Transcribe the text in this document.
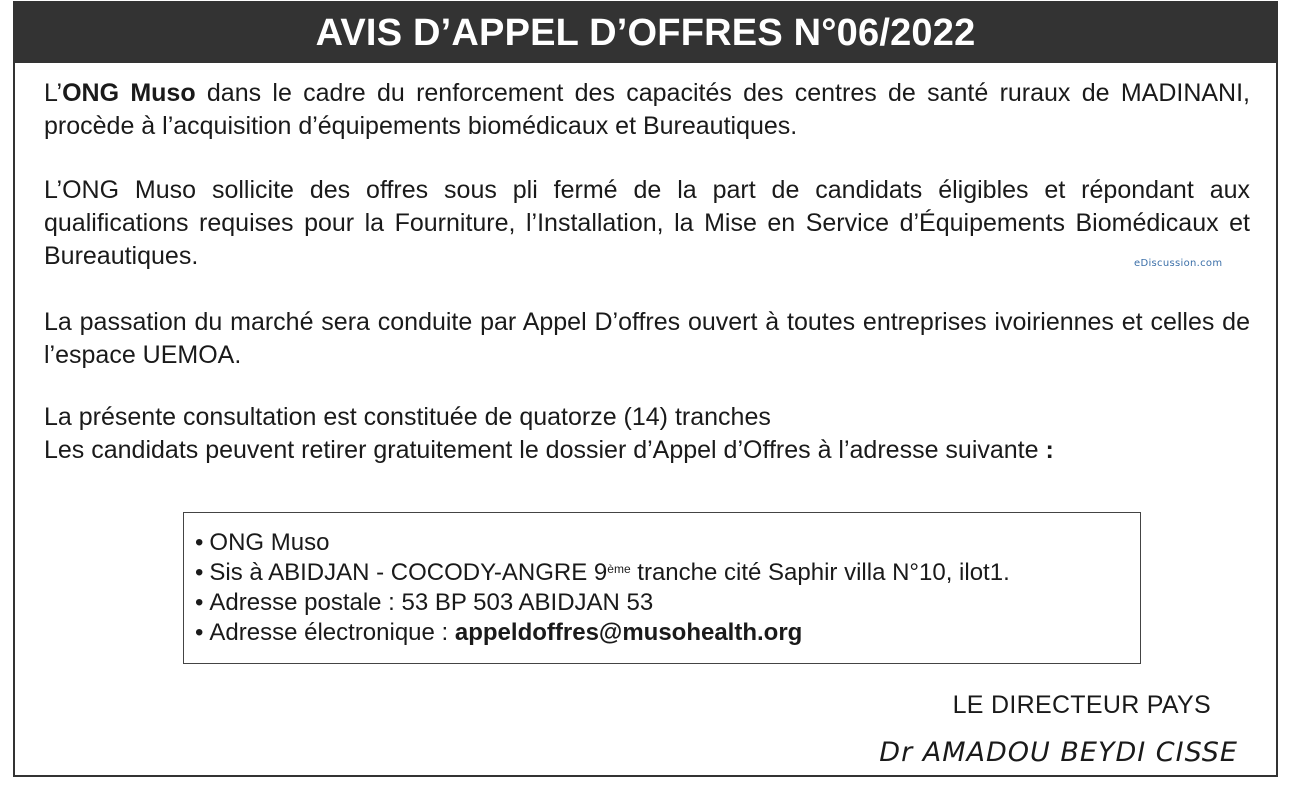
AVIS D’APPEL D’OFFRES N°06/2022
L’ONG Muso dans le cadre du renforcement des capacités des centres de santé ruraux de MADINANI, procède à l’acquisition d’équipements biomédicaux et Bureautiques.
L’ONG Muso sollicite des offres sous pli fermé de la part de candidats éligibles et répondant aux qualifications requises pour la Fourniture, l’Installation, la Mise en Service d’Équipements Biomédicaux et Bureautiques.
La passation du marché sera conduite par Appel D’offres ouvert à toutes entreprises ivoiriennes et celles de l’espace UEMOA.
La présente consultation est constituée de quatorze (14) tranches
Les candidats peuvent retirer gratuitement le dossier d’Appel d’Offres à l’adresse suivante :
• ONG Muso
• Sis à ABIDJAN - COCODY-ANGRE 9ème tranche cité Saphir villa N°10, ilot1.
• Adresse postale : 53 BP 503 ABIDJAN 53
• Adresse électronique : appeldoffres@musohealth.org
LE DIRECTEUR PAYS
Dr AMADOU BEYDI CISSE
eDiscussion.com
